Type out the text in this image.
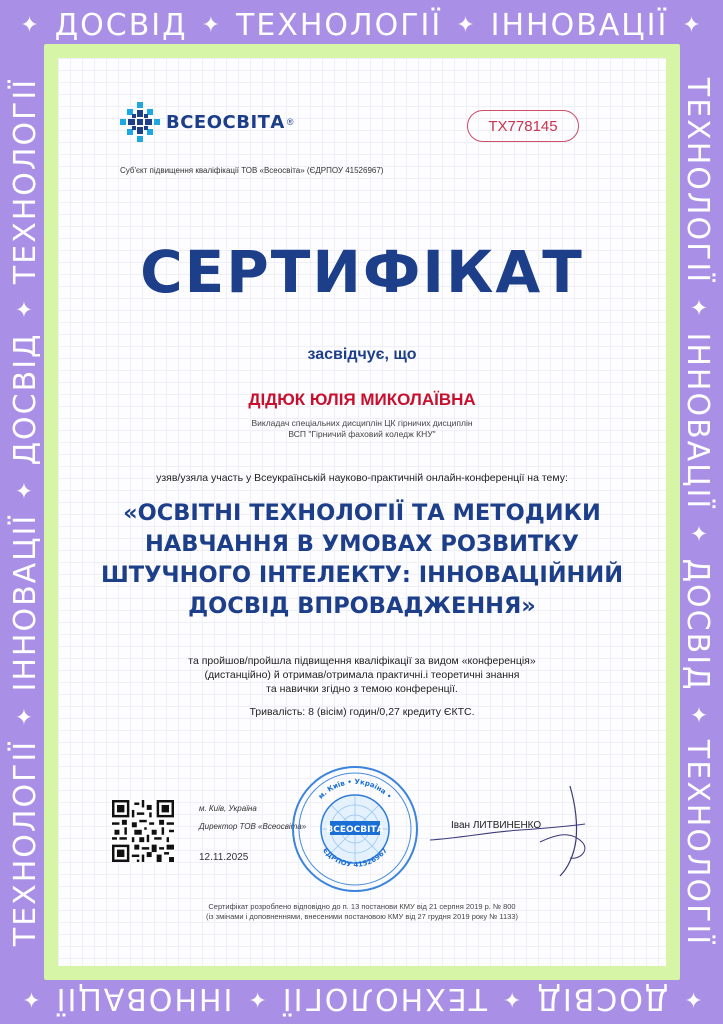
✦ ДОСВІД ✦ ТЕХНОЛОГІЇ ✦ ІННОВАЦІЇ ✦
✦
ДОСВІД
✦
ТЕХНОЛОГІЇ
✦
ІННОВАЦІЇ
✦
ТЕХНОЛОГІЇ
✦
ІННОВАЦІЇ
✦
ДОСВІД
✦
ТЕХНОЛОГІЇ	ТЕХНОЛОГІЇ
✦
ІННОВАЦІЇ
✦
ДОСВІД
✦
ТЕХНОЛОГІЇ
ВСЕОСВІТА ®
Суб'єкт підвищення кваліфікації ТОВ «Всеосвіта» (ЄДРПОУ 41526967)
ТХ778145
СЕРТИФІКАТ
засвідчує, що
ДІДЮК ЮЛІЯ МИКОЛАЇВНА
Викладач спеціальних дисциплін ЦК гірничих дисциплін
ВСП "Гірничий фаховий коледж КНУ"
узяв/узяла участь у Всеукраїнській науково-практичній онлайн-конференції на тему:
«ОСВІТНІ ТЕХНОЛОГІЇ ТА МЕТОДИКИ
НАВЧАННЯ В УМОВАХ РОЗВИТКУ
ШТУЧНОГО ІНТЕЛЕКТУ: ІННОВАЦІЙНИЙ
ДОСВІД ВПРОВАДЖЕННЯ»
та пройшов/пройшла підвищення кваліфікації за видом «конференція»
(дистанційно) й отримав/отримала практичні.і теоретичні знання
та навички згідно з темою конференції.
Тривалість: 8 (вісім) годин/0,27 кредиту ЄКТС.
м. Київ, Україна
Директор ТОВ «Всеосвіта»
12.11.2025
ВСЕОСВІТА
м. Київ • Україна •
ЄДРПОУ 41526967
Іван ЛИТВИНЕНКО
Сертифікат розроблено відповідно до п. 13 постанови КМУ від 21 серпня 2019 р. № 800
(із змінами і доповненнями, внесеними постановою КМУ від 27 грудня 2019 року № 1133)
